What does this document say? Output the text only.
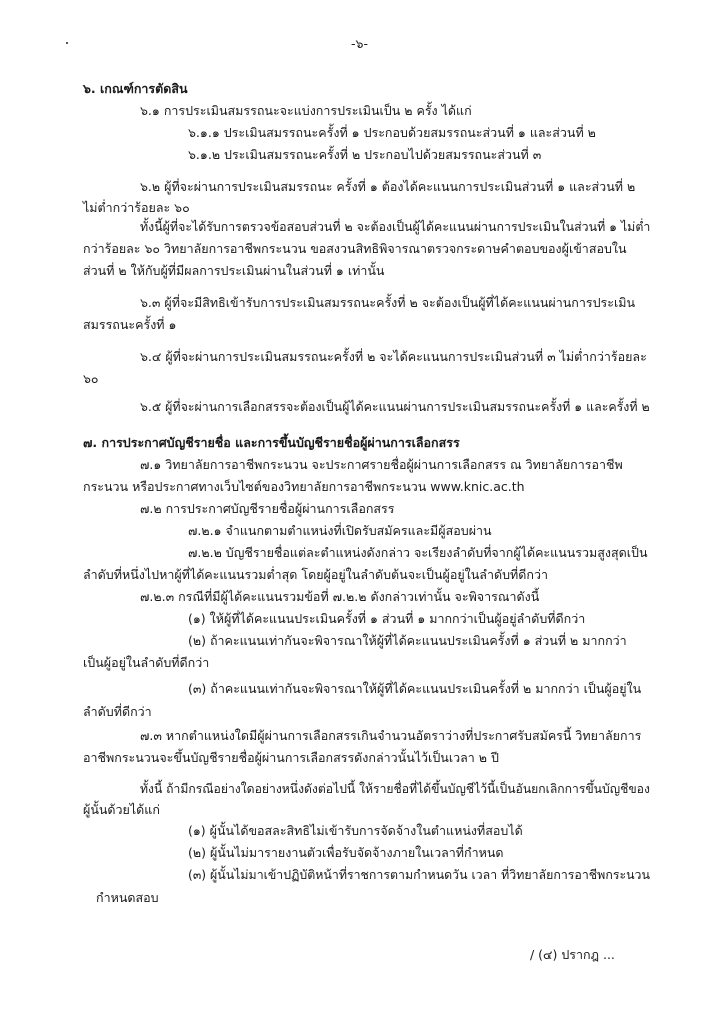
-๖-
๖. เกณฑ์การตัดสิน
๖.๑ การประเมินสมรรถนะจะแบ่งการประเมินเป็น ๒ ครั้ง ได้แก่
๖.๑.๑ ประเมินสมรรถนะครั้งที่ ๑ ประกอบด้วยสมรรถนะส่วนที่ ๑ และส่วนที่ ๒
๖.๑.๒ ประเมินสมรรถนะครั้งที่ ๒ ประกอบไปด้วยสมรรถนะส่วนที่ ๓
๖.๒ ผู้ที่จะผ่านการประเมินสมรรถนะ ครั้งที่ ๑ ต้องได้คะแนนการประเมินส่วนที่ ๑ และส่วนที่ ๒
ไม่ต่ำกว่าร้อยละ ๖๐
ทั้งนี้ผู้ที่จะได้รับการตรวจข้อสอบส่วนที่ ๒ จะต้องเป็นผู้ได้คะแนนผ่านการประเมินในส่วนที่ ๑ ไม่ต่ำ
กว่าร้อยละ ๖๐ วิทยาลัยการอาชีพกระนวน ขอสงวนสิทธิพิจารณาตรวจกระดาษคำตอบของผู้เข้าสอบใน
ส่วนที่ ๒ ให้กับผู้ที่มีผลการประเมินผ่านในส่วนที่ ๑ เท่านั้น
๖.๓ ผู้ที่จะมีสิทธิเข้ารับการประเมินสมรรถนะครั้งที่ ๒ จะต้องเป็นผู้ที่ได้คะแนนผ่านการประเมิน
สมรรถนะครั้งที่ ๑
๖.๔ ผู้ที่จะผ่านการประเมินสมรรถนะครั้งที่ ๒ จะได้คะแนนการประเมินส่วนที่ ๓ ไม่ต่ำกว่าร้อยละ
๖๐
๖.๕ ผู้ที่จะผ่านการเลือกสรรจะต้องเป็นผู้ได้คะแนนผ่านการประเมินสมรรถนะครั้งที่ ๑ และครั้งที่ ๒
๗. การประกาศบัญชีรายชื่อ และการขึ้นบัญชีรายชื่อผู้ผ่านการเลือกสรร
๗.๑ วิทยาลัยการอาชีพกระนวน จะประกาศรายชื่อผู้ผ่านการเลือกสรร ณ วิทยาลัยการอาชีพ
กระนวน หรือประกาศทางเว็บไซต์ของวิทยาลัยการอาชีพกระนวน www.knic.ac.th
๗.๒ การประกาศบัญชีรายชื่อผู้ผ่านการเลือกสรร
๗.๒.๑ จำแนกตามตำแหน่งที่เปิดรับสมัครและมีผู้สอบผ่าน
๗.๒.๒ บัญชีรายชื่อแต่ละตำแหน่งดังกล่าว จะเรียงลำดับที่จากผู้ได้คะแนนรวมสูงสุดเป็น
ลำดับที่หนึ่งไปหาผู้ที่ได้คะแนนรวมต่ำสุด โดยผู้อยู่ในลำดับต้นจะเป็นผู้อยู่ในลำดับที่ดีกว่า
๗.๒.๓ กรณีที่มีผู้ได้คะแนนรวมข้อที่ ๗.๒.๒ ดังกล่าวเท่านั้น จะพิจารณาดังนี้
(๑) ให้ผู้ที่ได้คะแนนประเมินครั้งที่ ๑ ส่วนที่ ๑ มากกว่าเป็นผู้อยู่ลำดับที่ดีกว่า
(๒) ถ้าคะแนนเท่ากันจะพิจารณาให้ผู้ที่ได้คะแนนประเมินครั้งที่ ๑ ส่วนที่ ๒ มากกว่า
เป็นผู้อยู่ในลำดับที่ดีกว่า
(๓) ถ้าคะแนนเท่ากันจะพิจารณาให้ผู้ที่ได้คะแนนประเมินครั้งที่ ๒ มากกว่า เป็นผู้อยู่ใน
ลำดับที่ดีกว่า
๗.๓ หากตำแหน่งใดมีผู้ผ่านการเลือกสรรเกินจำนวนอัตราว่างที่ประกาศรับสมัครนี้ วิทยาลัยการ
อาชีพกระนวนจะขึ้นบัญชีรายชื่อผู้ผ่านการเลือกสรรดังกล่าวนั้นไว้เป็นเวลา ๒ ปี
ทั้งนี้ ถ้ามีกรณีอย่างใดอย่างหนึ่งดังต่อไปนี้ ให้รายชื่อที่ได้ขึ้นบัญชีไว้นี้เป็นอันยกเลิกการขึ้นบัญชีของ
ผู้นั้นด้วยได้แก่
(๑) ผู้นั้นได้ขอสละสิทธิไม่เข้ารับการจัดจ้างในตำแหน่งที่สอบได้
(๒) ผู้นั้นไม่มารายงานตัวเพื่อรับจัดจ้างภายในเวลาที่กำหนด
(๓) ผู้นั้นไม่มาเข้าปฏิบัติหน้าที่ราชการตามกำหนดวัน เวลา ที่วิทยาลัยการอาชีพกระนวน
กำหนดสอบ
/ (๔) ปรากฎ ...
